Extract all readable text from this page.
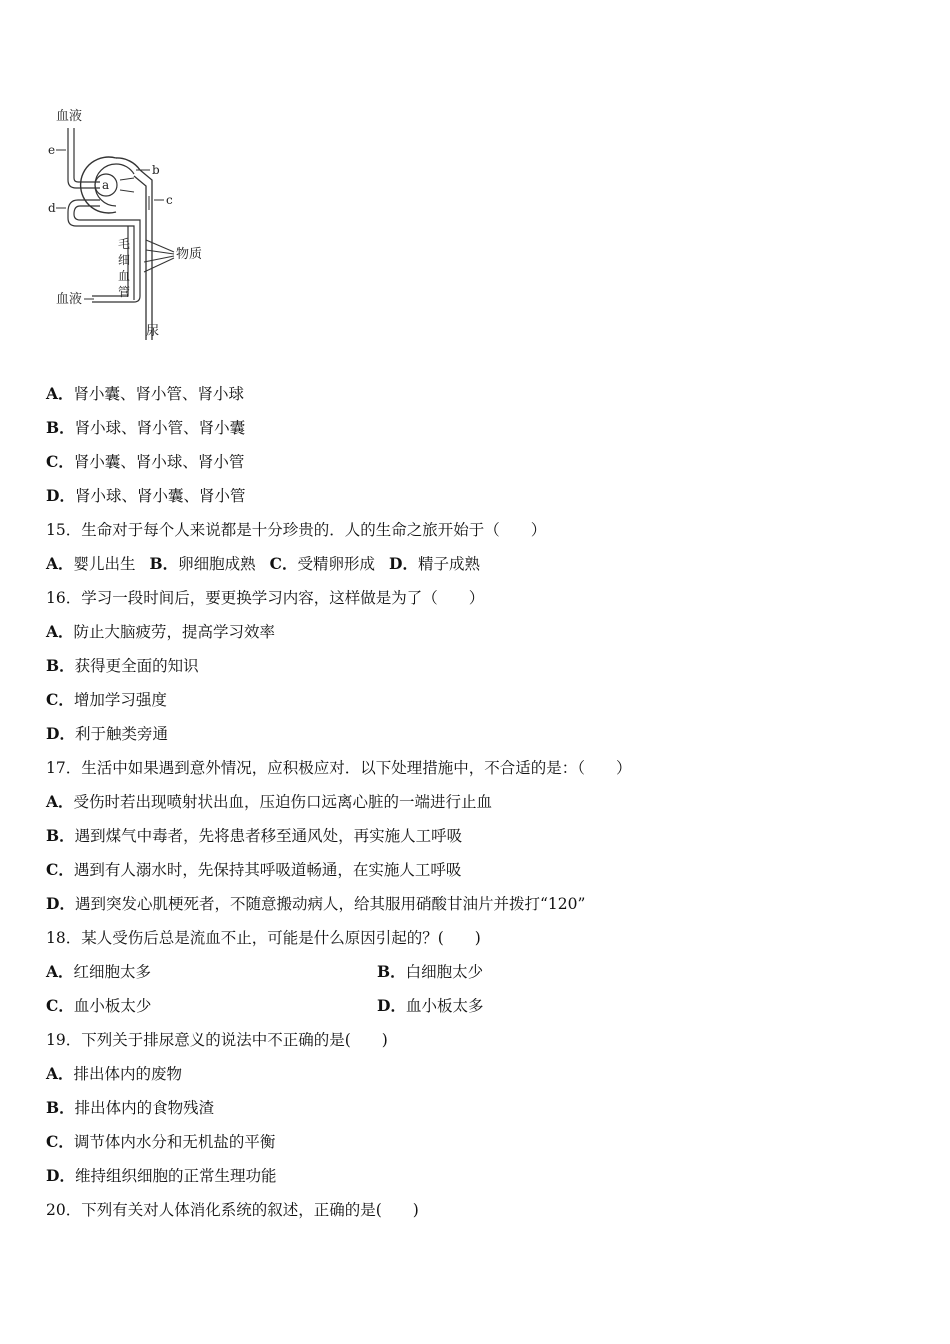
血液
e
a
b
c
d
毛
细
血
管
物质
血液
尿
A．肾小囊、肾小管、肾小球
B．肾小球、肾小管、肾小囊
C．肾小囊、肾小球、肾小管
D．肾小球、肾小囊、肾小管
15．生命对于每个人来说都是十分珍贵的．人的生命之旅开始于（　　）
A．婴儿出生 B．卵细胞成熟 C．受精卵形成 D．精子成熟
16．学习一段时间后，要更换学习内容，这样做是为了（　　）
A．防止大脑疲劳，提高学习效率
B．获得更全面的知识
C．增加学习强度
D．利于触类旁通
17．生活中如果遇到意外情况，应积极应对．以下处理措施中，不合适的是：（　　）
A．受伤时若出现喷射状出血，压迫伤口远离心脏的一端进行止血
B．遇到煤气中毒者，先将患者移至通风处，再实施人工呼吸
C．遇到有人溺水时，先保持其呼吸道畅通，在实施人工呼吸
D．遇到突发心肌梗死者，不随意搬动病人，给其服用硝酸甘油片并拨打“120”
18．某人受伤后总是流血不止，可能是什么原因引起的？(　　)
A．红细胞太多	B．白细胞太少
C．血小板太少	D．血小板太多
19．下列关于排尿意义的说法中不正确的是(　　)
A．排出体内的废物
B．排出体内的食物残渣
C．调节体内水分和无机盐的平衡
D．维持组织细胞的正常生理功能
20．下列有关对人体消化系统的叙述，正确的是(　　)
